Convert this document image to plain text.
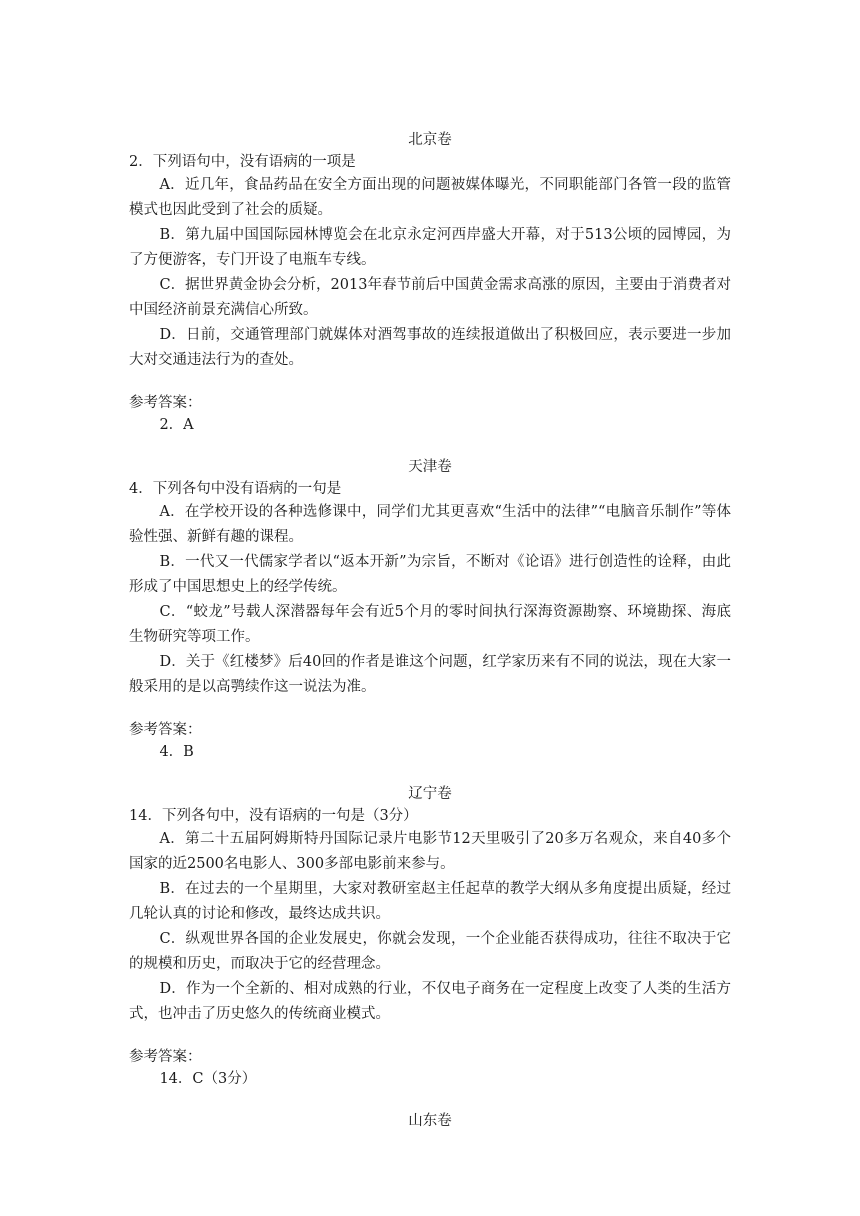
北京卷
2．下列语句中，没有语病的一项是
A．近几年，食品药品在安全方面出现的问题被媒体曝光，不同职能部门各管一段的监管模式也因此受到了社会的质疑。
B．第九届中国国际园林博览会在北京永定河西岸盛大开幕，对于513公顷的园博园，为了方便游客，专门开设了电瓶车专线。
C．据世界黄金协会分析，2013年春节前后中国黄金需求高涨的原因，主要由于消费者对中国经济前景充满信心所致。
D．日前，交通管理部门就媒体对酒驾事故的连续报道做出了积极回应，表示要进一步加大对交通违法行为的查处。
参考答案：
2．A
天津卷
4．下列各句中没有语病的一句是
A．在学校开设的各种选修课中，同学们尤其更喜欢“生活中的法律”“电脑音乐制作”等体验性强、新鲜有趣的课程。
B．一代又一代儒家学者以“返本开新”为宗旨，不断对《论语》进行创造性的诠释，由此形成了中国思想史上的经学传统。
C．“蛟龙”号载人深潜器每年会有近5个月的零时间执行深海资源勘察、环境勘探、海底生物研究等项工作。
D．关于《红楼梦》后40回的作者是谁这个问题，红学家历来有不同的说法，现在大家一般采用的是以高鹗续作这一说法为准。
参考答案：
4．B
辽宁卷
14．下列各句中，没有语病的一句是（3分）
A．第二十五届阿姆斯特丹国际记录片电影节12天里吸引了20多万名观众，来自40多个国家的近2500名电影人、300多部电影前来参与。
B．在过去的一个星期里，大家对教研室赵主任起草的教学大纲从多角度提出质疑，经过几轮认真的讨论和修改，最终达成共识。
C．纵观世界各国的企业发展史，你就会发现，一个企业能否获得成功，往往不取决于它的规模和历史，而取决于它的经营理念。
D．作为一个全新的、相对成熟的行业，不仅电子商务在一定程度上改变了人类的生活方式，也冲击了历史悠久的传统商业模式。
参考答案：
14．C（3分）
山东卷
